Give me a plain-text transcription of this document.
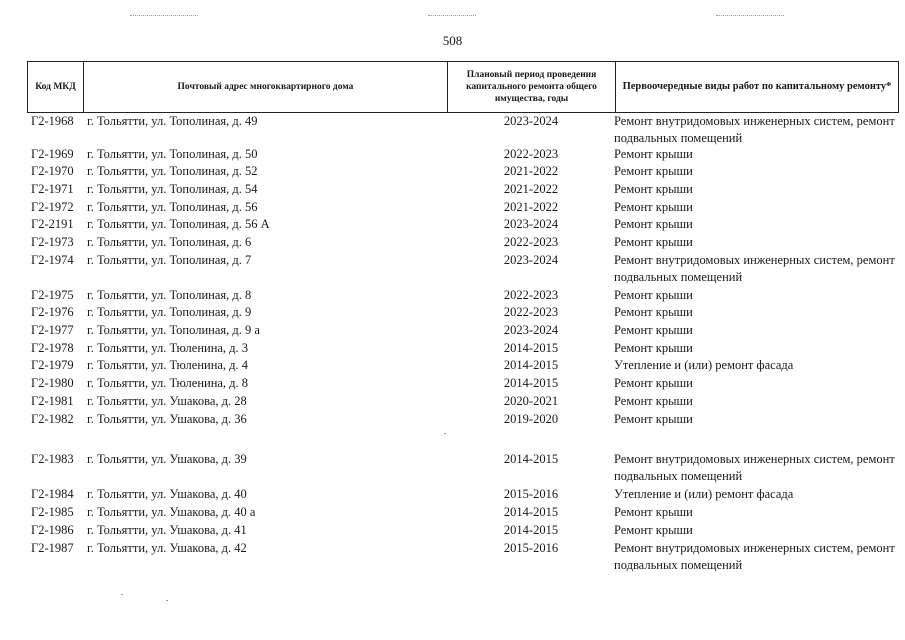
508
Код МКД	Почтовый адрес многоквартирного дома	Плановый период проведения капитального ремонта общего имущества, годы	Первоочередные виды работ по капитальному ремонту*
Г2-1968	г. Тольятти, ул. Тополиная, д. 49	2023-2024	Ремонт внутридомовых инженерных систем, ремонт подвальных помещений
Г2-1969	г. Тольятти, ул. Тополиная, д. 50	2022-2023	Ремонт крыши
Г2-1970	г. Тольятти, ул. Тополиная, д. 52	2021-2022	Ремонт крыши
Г2-1971	г. Тольятти, ул. Тополиная, д. 54	2021-2022	Ремонт крыши
Г2-1972	г. Тольятти, ул. Тополиная, д. 56	2021-2022	Ремонт крыши
Г2-2191	г. Тольятти, ул. Тополиная, д. 56 А	2023-2024	Ремонт крыши
Г2-1973	г. Тольятти, ул. Тополиная, д. 6	2022-2023	Ремонт крыши
Г2-1974	г. Тольятти, ул. Тополиная, д. 7	2023-2024	Ремонт внутридомовых инженерных систем, ремонт подвальных помещений
Г2-1975	г. Тольятти, ул. Тополиная, д. 8	2022-2023	Ремонт крыши
Г2-1976	г. Тольятти, ул. Тополиная, д. 9	2022-2023	Ремонт крыши
Г2-1977	г. Тольятти, ул. Тополиная, д. 9 а	2023-2024	Ремонт крыши
Г2-1978	г. Тольятти, ул. Тюленина, д. 3	2014-2015	Ремонт крыши
Г2-1979	г. Тольятти, ул. Тюленина, д. 4	2014-2015	Утепление и (или) ремонт фасада
Г2-1980	г. Тольятти, ул. Тюленина, д. 8	2014-2015	Ремонт крыши
Г2-1981	г. Тольятти, ул. Ушакова, д. 28	2020-2021	Ремонт крыши
Г2-1982	г. Тольятти, ул. Ушакова, д. 36	2019-2020	Ремонт крыши
Г2-1983	г. Тольятти, ул. Ушакова, д. 39	2014-2015	Ремонт внутридомовых инженерных систем, ремонт подвальных помещений
Г2-1984	г. Тольятти, ул. Ушакова, д. 40	2015-2016	Утепление и (или) ремонт фасада
Г2-1985	г. Тольятти, ул. Ушакова, д. 40 а	2014-2015	Ремонт крыши
Г2-1986	г. Тольятти, ул. Ушакова, д. 41	2014-2015	Ремонт крыши
Г2-1987	г. Тольятти, ул. Ушакова, д. 42	2015-2016	Ремонт внутридомовых инженерных систем, ремонт подвальных помещений
